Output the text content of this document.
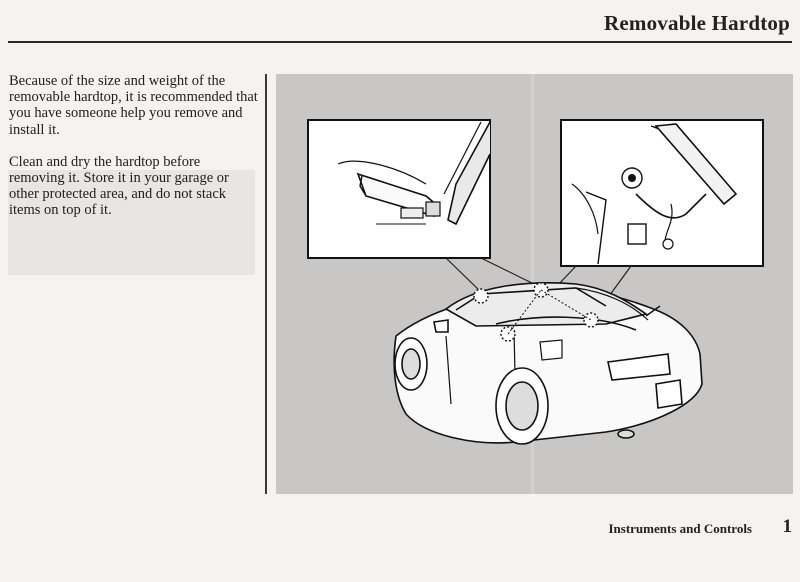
Removable Hardtop

Because of the size and weight of the removable hardtop, it is recommended that you have someone help you remove and install it.

Clean and dry the hardtop before removing it. Store it in your garage or other protected area, and do not stack items on top of it.

Instruments and Controls 1
